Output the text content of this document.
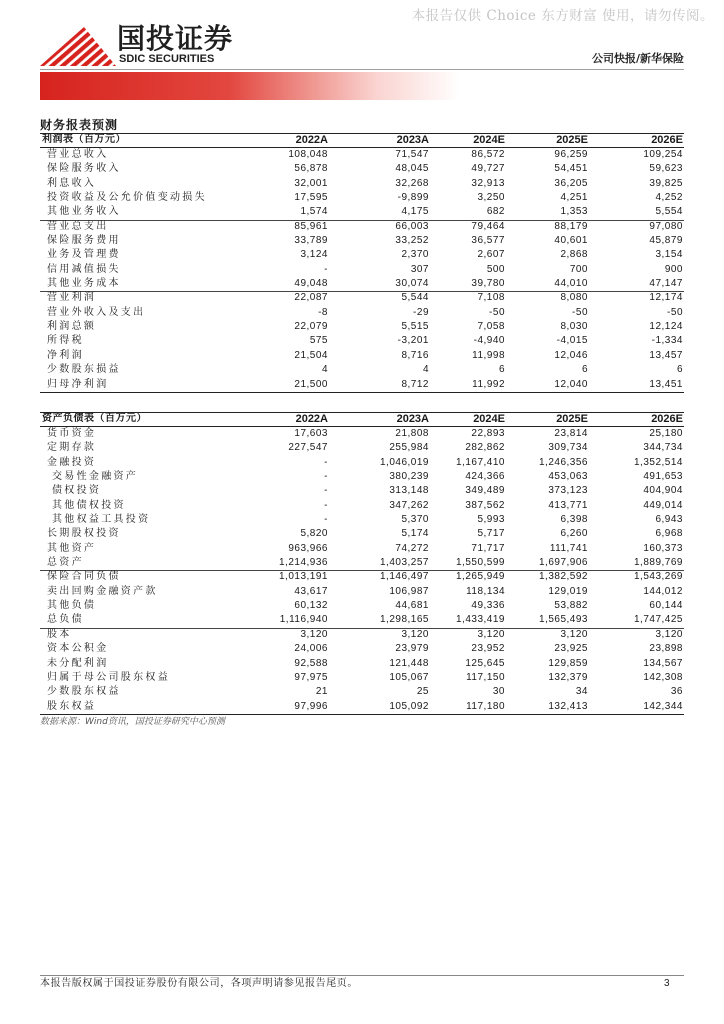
本报告仅供 Choice 东方财富 使用，请勿传阅。
国投证券
SDIC SECURITIES	公司快报/新华保险
财务报表预测
利润表（百万元）	2022A	2023A	2024E	2025E	2026E
营业总收入	108,048	71,547	86,572	96,259	109,254
保险服务收入	56,878	48,045	49,727	54,451	59,623
利息收入	32,001	32,268	32,913	36,205	39,825
投资收益及公允价值变动损失	17,595	-9,899	3,250	4,251	4,252
其他业务收入	1,574	4,175	682	1,353	5,554
营业总支出	85,961	66,003	79,464	88,179	97,080
保险服务费用	33,789	33,252	36,577	40,601	45,879
业务及管理费	3,124	2,370	2,607	2,868	3,154
信用减值损失	-	307	500	700	900
其他业务成本	49,048	30,074	39,780	44,010	47,147
营业利润	22,087	5,544	7,108	8,080	12,174
营业外收入及支出	-8	-29	-50	-50	-50
利润总额	22,079	5,515	7,058	8,030	12,124
所得税	575	-3,201	-4,940	-4,015	-1,334
净利润	21,504	8,716	11,998	12,046	13,457
少数股东损益	4	4	6	6	6
归母净利润	21,500	8,712	11,992	12,040	13,451
资产负债表（百万元）	2022A	2023A	2024E	2025E	2026E
货币资金	17,603	21,808	22,893	23,814	25,180
定期存款	227,547	255,984	282,862	309,734	344,734
金融投资	-	1,046,019	1,167,410	1,246,356	1,352,514
交易性金融资产	-	380,239	424,366	453,063	491,653
债权投资	-	313,148	349,489	373,123	404,904
其他债权投资	-	347,262	387,562	413,771	449,014
其他权益工具投资	-	5,370	5,993	6,398	6,943
长期股权投资	5,820	5,174	5,717	6,260	6,968
其他资产	963,966	74,272	71,717	111,741	160,373
总资产	1,214,936	1,403,257	1,550,599	1,697,906	1,889,769
保险合同负债	1,013,191	1,146,497	1,265,949	1,382,592	1,543,269
卖出回购金融资产款	43,617	106,987	118,134	129,019	144,012
其他负债	60,132	44,681	49,336	53,882	60,144
总负债	1,116,940	1,298,165	1,433,419	1,565,493	1,747,425
股本	3,120	3,120	3,120	3,120	3,120
资本公积金	24,006	23,979	23,952	23,925	23,898
未分配利润	92,588	121,448	125,645	129,859	134,567
归属于母公司股东权益	97,975	105,067	117,150	132,379	142,308
少数股东权益	21	25	30	34	36
股东权益	97,996	105,092	117,180	132,413	142,344
数据来源：Wind资讯，国投证券研究中心预测
本报告版权属于国投证券股份有限公司，各项声明请参见报告尾页。	3
